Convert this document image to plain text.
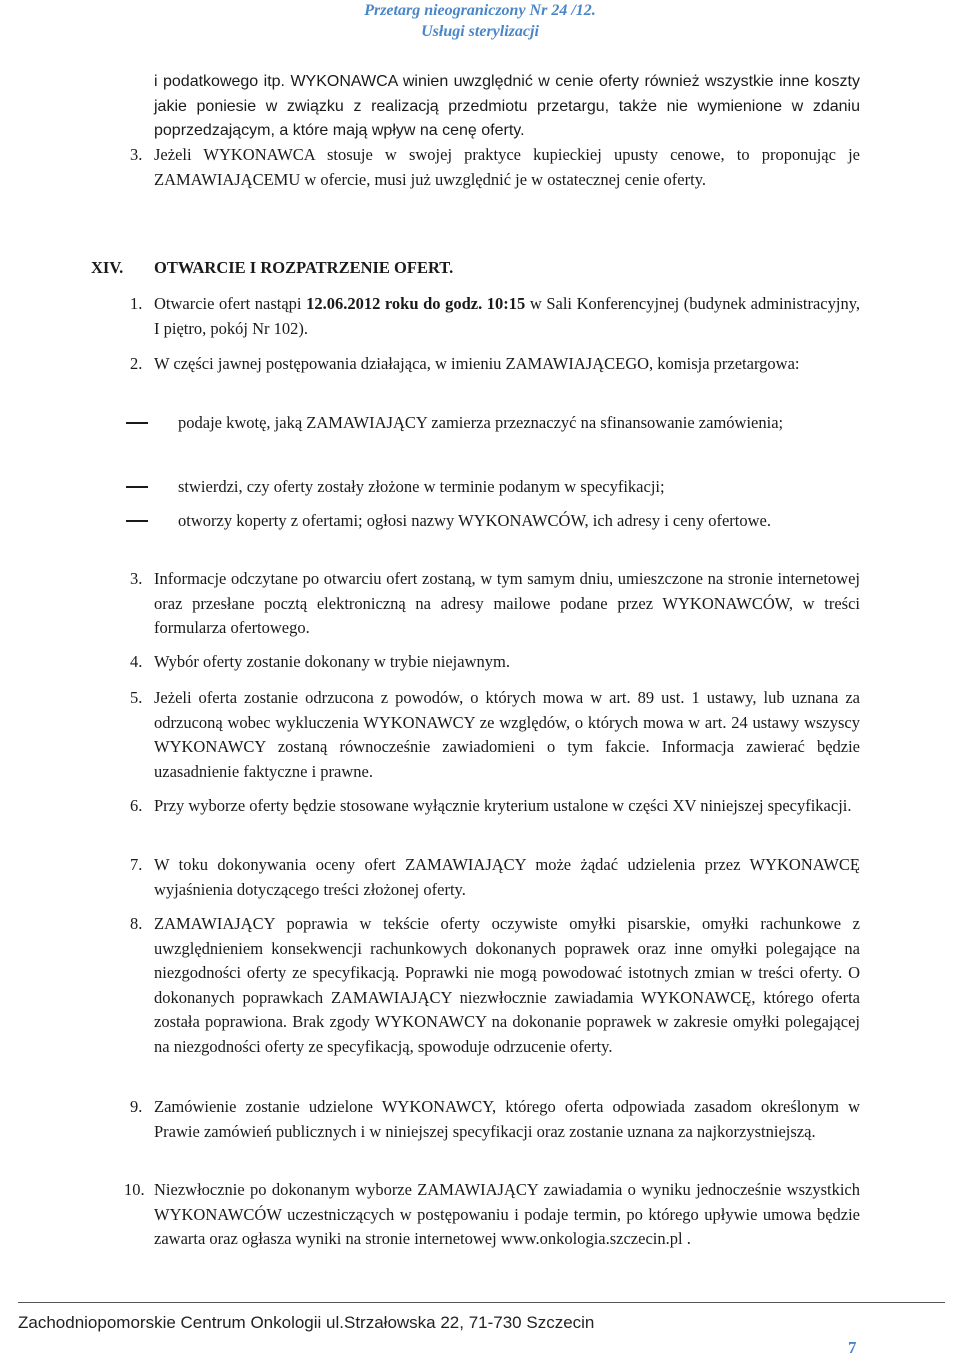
Przetarg nieograniczony Nr 24 /12.
Usługi sterylizacji
i podatkowego itp. WYKONAWCA winien uwzględnić w cenie oferty również wszystkie inne koszty jakie poniesie w związku z realizacją przedmiotu przetargu, także nie wymienione w zdaniu poprzedzającym, a które mają wpływ na cenę oferty.
3. Jeżeli WYKONAWCA stosuje w swojej praktyce kupieckiej upusty cenowe, to proponując je ZAMAWIAJĄCEMU w ofercie, musi już uwzględnić je w ostatecznej cenie oferty.
XIV. OTWARCIE I ROZPATRZENIE OFERT.
1. Otwarcie ofert nastąpi 12.06.2012 roku do godz. 10:15 w Sali Konferencyjnej (budynek administracyjny, I piętro, pokój Nr 102).
2. W części jawnej postępowania działająca, w imieniu ZAMAWIAJĄCEGO, komisja przetargowa:
podaje kwotę, jaką ZAMAWIAJĄCY zamierza przeznaczyć na sfinansowanie zamówienia;
stwierdzi, czy oferty zostały złożone w terminie podanym w specyfikacji;
otworzy koperty z ofertami; ogłosi nazwy WYKONAWCÓW, ich adresy i ceny ofertowe.
3. Informacje odczytane po otwarciu ofert zostaną, w tym samym dniu, umieszczone na stronie internetowej oraz przesłane pocztą elektroniczną na adresy mailowe podane przez WYKONAWCÓW, w treści formularza ofertowego.
4. Wybór oferty zostanie dokonany w trybie niejawnym.
5. Jeżeli oferta zostanie odrzucona z powodów, o których mowa w art. 89 ust. 1 ustawy, lub uznana za odrzuconą wobec wykluczenia WYKONAWCY ze względów, o których mowa w art. 24 ustawy wszyscy WYKONAWCY zostaną równocześnie zawiadomieni o tym fakcie. Informacja zawierać będzie uzasadnienie faktyczne i prawne.
6. Przy wyborze oferty będzie stosowane wyłącznie kryterium ustalone w części XV niniejszej specyfikacji.
7. W toku dokonywania oceny ofert ZAMAWIAJĄCY może żądać udzielenia przez WYKONAWCĘ wyjaśnienia dotyczącego treści złożonej oferty.
8. ZAMAWIAJĄCY poprawia w tekście oferty oczywiste omyłki pisarskie, omyłki rachunkowe z uwzględnieniem konsekwencji rachunkowych dokonanych poprawek oraz inne omyłki polegające na niezgodności oferty ze specyfikacją. Poprawki nie mogą powodować istotnych zmian w treści oferty. O dokonanych poprawkach ZAMAWIAJĄCY niezwłocznie zawiadamia WYKONAWCĘ, którego oferta została poprawiona. Brak zgody WYKONAWCY na dokonanie poprawek w zakresie omyłki polegającej na niezgodności oferty ze specyfikacją, spowoduje odrzucenie oferty.
9. Zamówienie zostanie udzielone WYKONAWCY, którego oferta odpowiada zasadom określonym w Prawie zamówień publicznych i w niniejszej specyfikacji oraz zostanie uznana za najkorzystniejszą.
10. Niezwłocznie po dokonanym wyborze ZAMAWIAJĄCY zawiadamia o wyniku jednocześnie wszystkich WYKONAWCÓW uczestniczących w postępowaniu i podaje termin, po którego upływie umowa będzie zawarta oraz ogłasza wyniki na stronie internetowej www.onkologia.szczecin.pl .
Zachodniopomorskie Centrum Onkologii ul.Strzałowska 22, 71-730 Szczecin
7
